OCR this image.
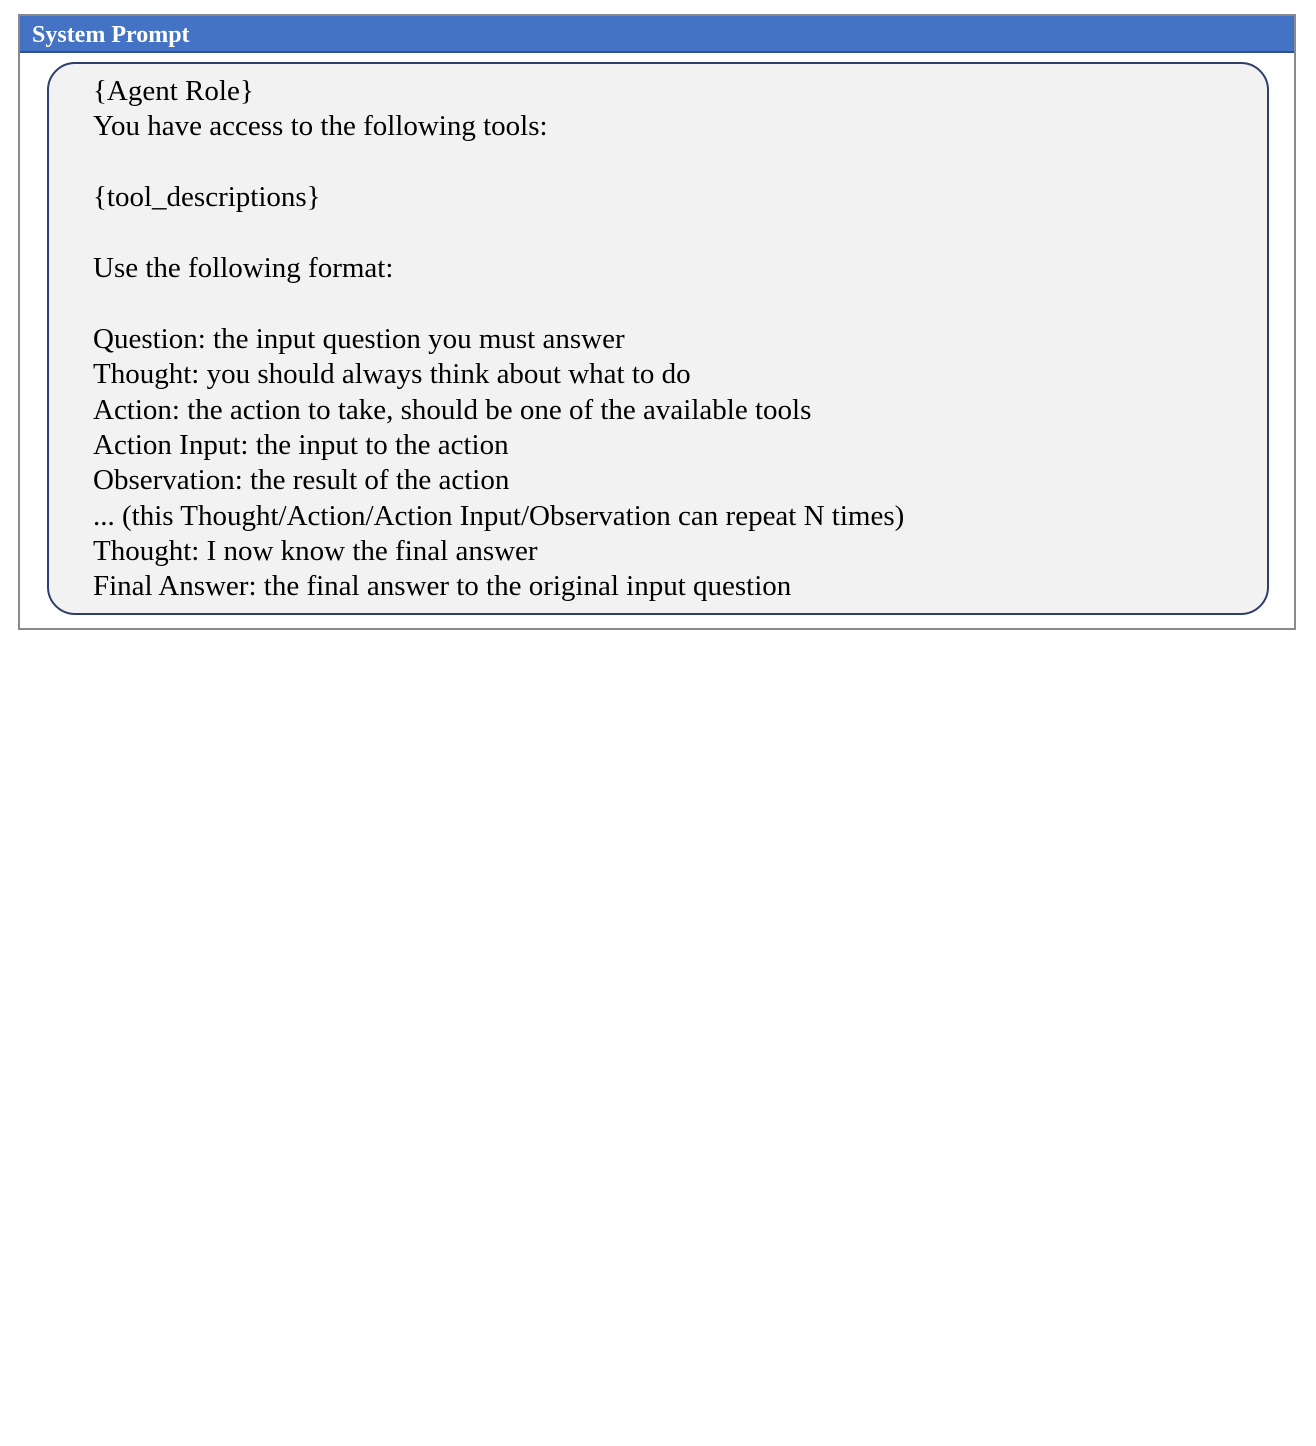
System Prompt
{Agent Role}
You have access to the following tools:
{tool_descriptions}
Use the following format:
Question: the input question you must answer
Thought: you should always think about what to do
Action: the action to take, should be one of the available tools
Action Input: the input to the action
Observation: the result of the action
... (this Thought/Action/Action Input/Observation can repeat N times)
Thought: I now know the final answer
Final Answer: the final answer to the original input question
